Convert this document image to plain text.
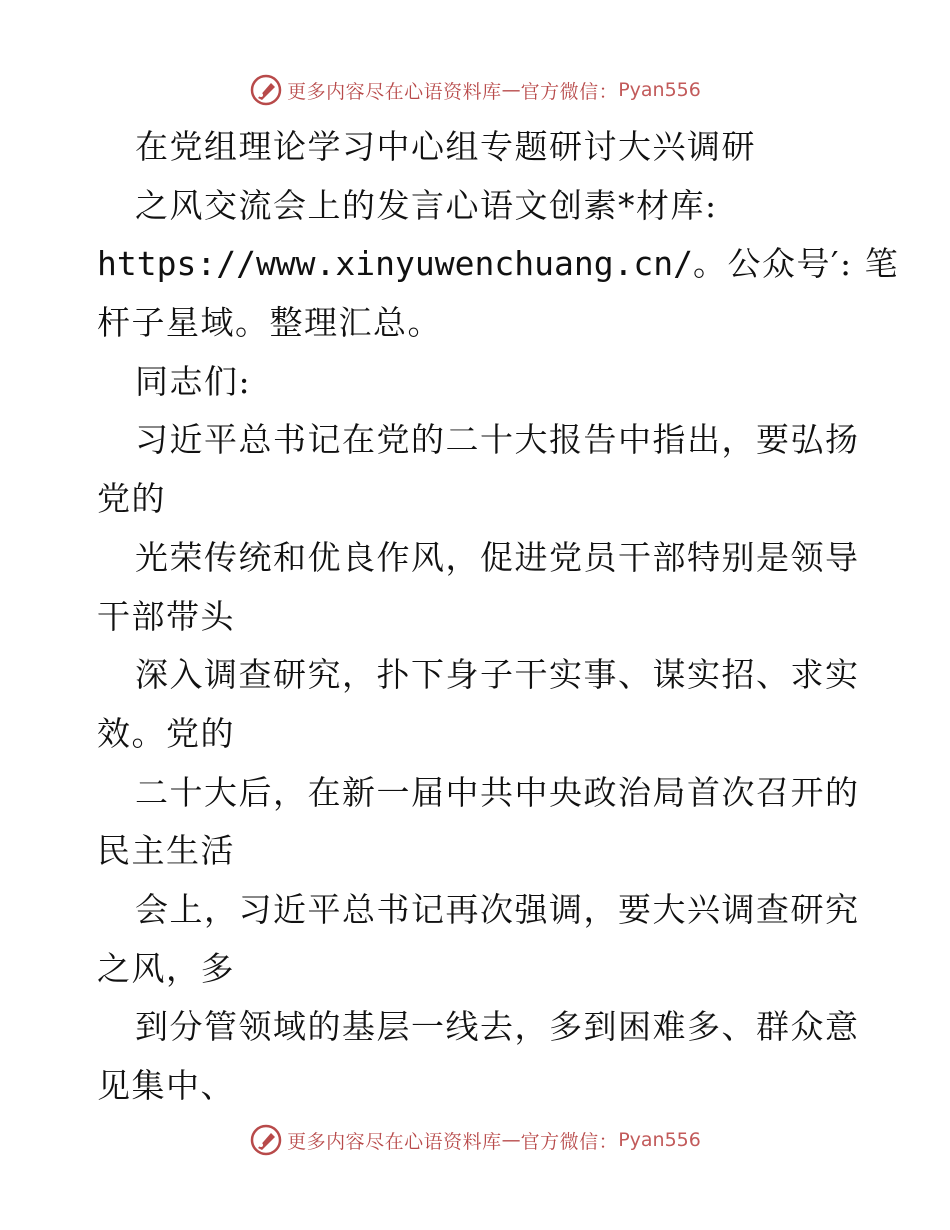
更多内容尽在心语资料库 — 官方微信： Pyan556
在党组理论学习中心组专题研讨大兴调研
之风交流会上的发言心语文创素*材库:
https://www.xinyuwenchuang.cn/。公众号′: 笔
杆子星域。整理汇总。
同志们:
习近平总书记在党的二十大报告中指出，要弘扬
党的
光荣传统和优良作风，促进党员干部特别是领导
干部带头
深入调查研究，扑下身子干实事、谋实招、求实
效。党的
二十大后，在新一届中共中央政治局首次召开的
民主生活
会上，习近平总书记再次强调，要大兴调查研究
之风，多
到分管领域的基层一线去，多到困难多、群众意
见集中、
更多内容尽在心语资料库 — 官方微信： Pyan556
